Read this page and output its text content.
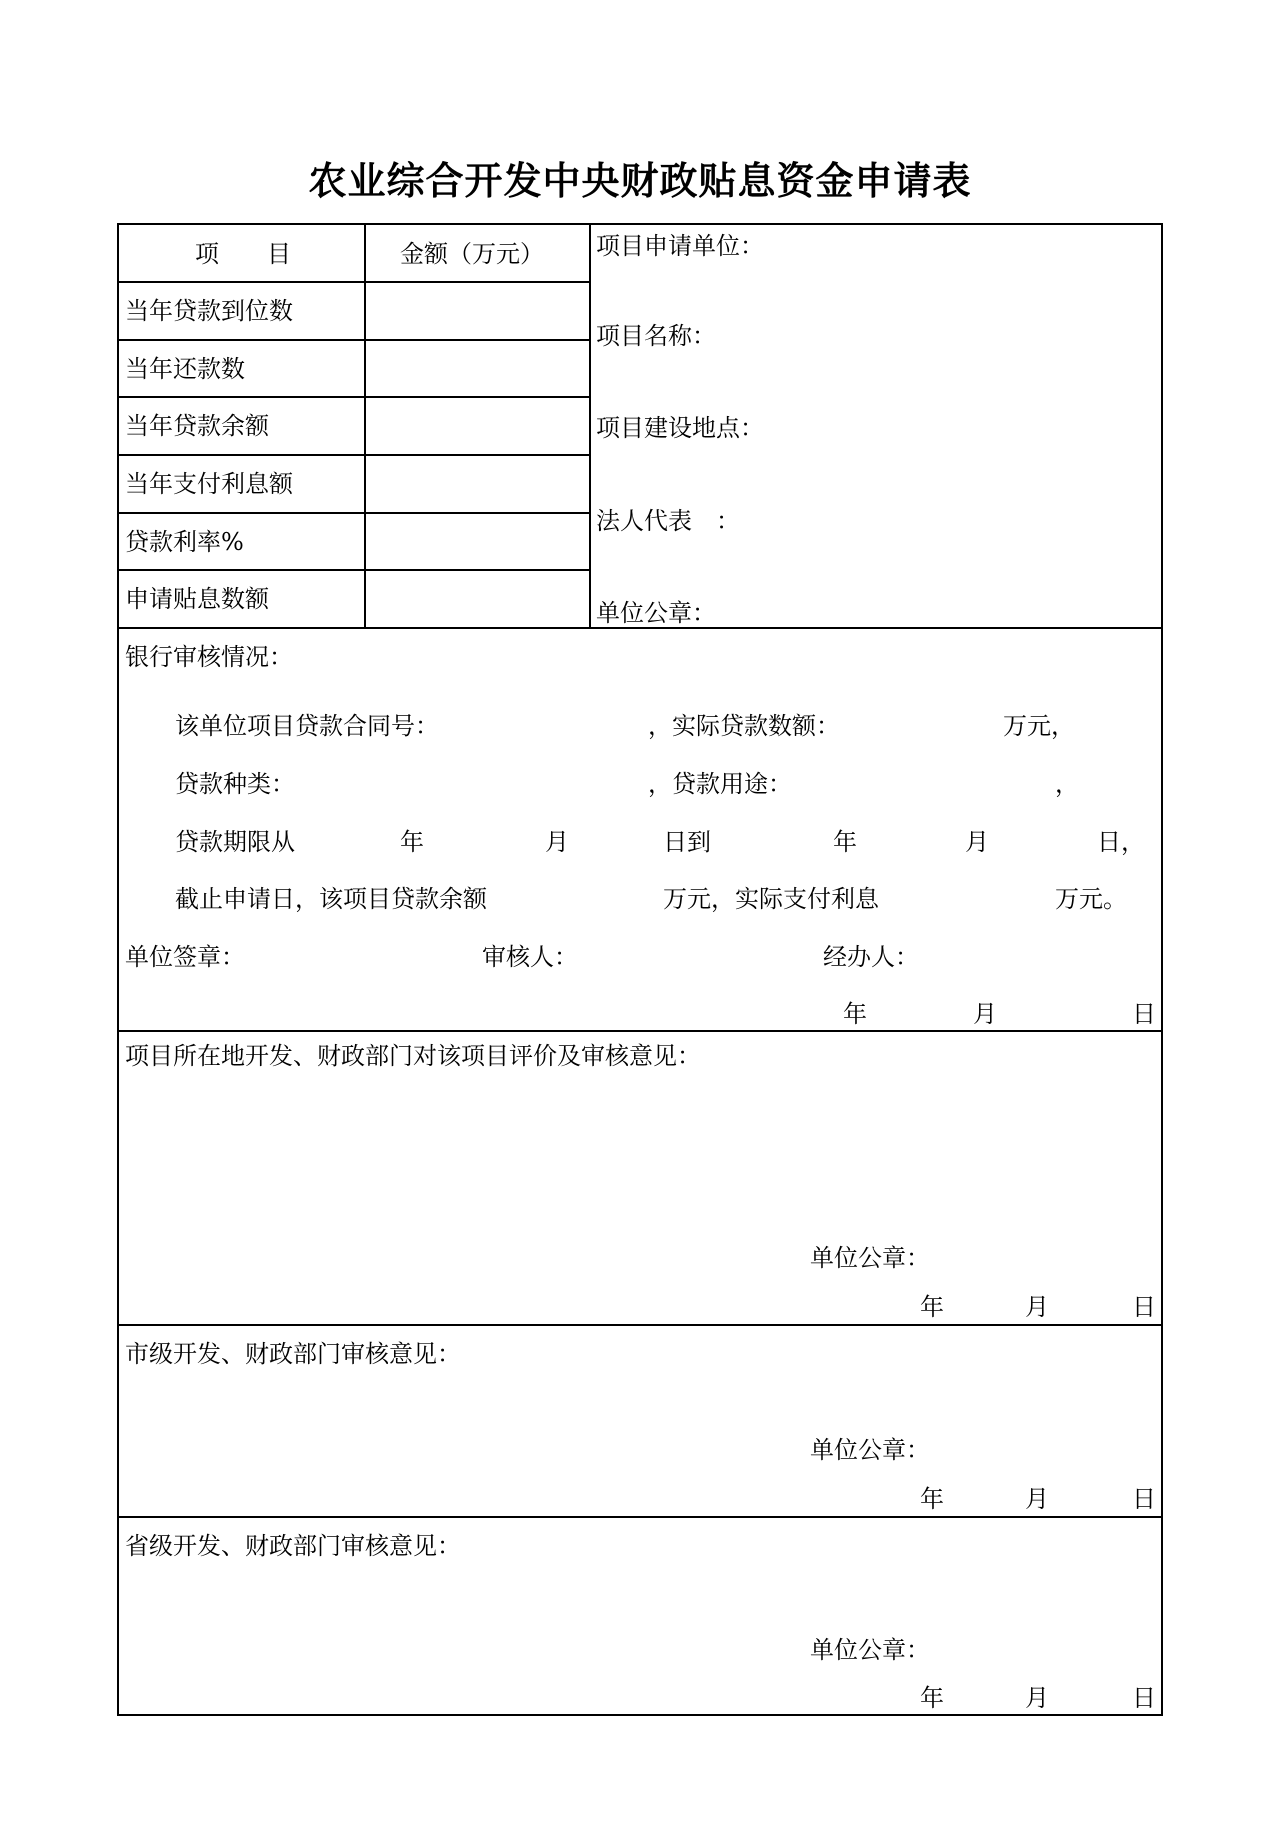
农业综合开发中央财政贴息资金申请表
项　　目	金额（万元）
当年贷款到位数
当年还款数
当年贷款余额
当年支付利息额
贷款利率%
申请贴息数额
项目申请单位：
项目名称：
项目建设地点：
法人代表　：
单位公章：
银行审核情况：
该单位项目贷款合同号：	，实际贷款数额：	万元，
贷款种类：	，贷款用途：	，
贷款期限从	年	月	日到	年	月	日，
截止申请日，该项目贷款余额	万元，实际支付利息	万元。
单位签章：	审核人：	经办人：
年	月	日
项目所在地开发、财政部门对该项目评价及审核意见：
单位公章：
年	月	日
市级开发、财政部门审核意见：
单位公章：
年	月	日
省级开发、财政部门审核意见：
单位公章：
年	月	日
